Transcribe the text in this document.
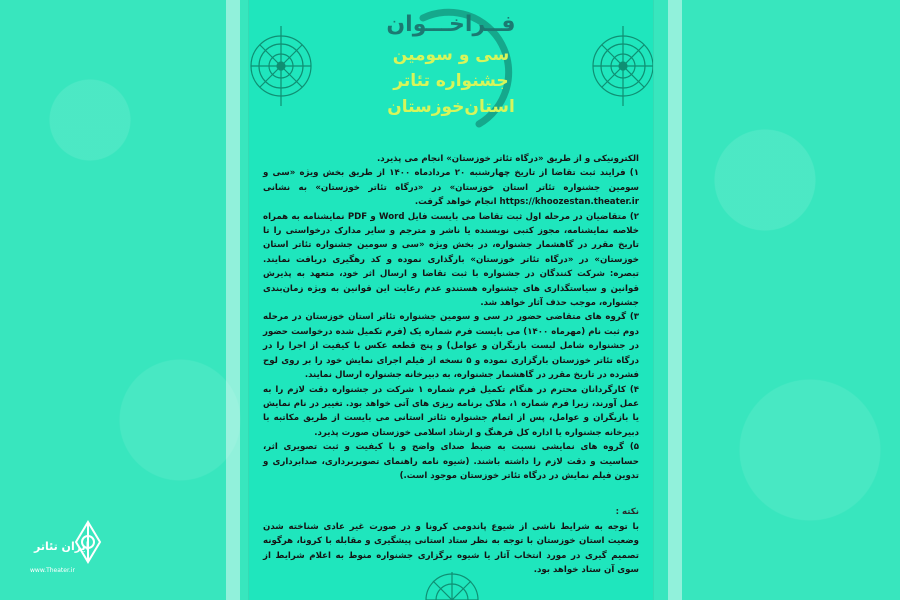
فــراخـــوان

سی و سومین

جشنواره تئاتر

استان‌خوزستان

الکترونیکی و از طریق «درگاه تئاتر خوزستان» انجام می پذیرد.

۱) فرایند ثبت تقاضا از تاریخ چهارشنبه ۲۰ مردادماه ۱۴۰۰ از طریق بخش ویژه «سی و سومین جشنواره تئاتر استان خوزستان» در «درگاه تئاتر خوزستان» به نشانی https://khoozestan.theater.ir انجام خواهد گرفت.

۲) متقاضیان در مرحله اول ثبت تقاضا می بایست فایل Word و PDF نمایشنامه به همراه خلاصه نمایشنامه، مجوز کتبی نویسنده یا ناشر و مترجم و سایر مدارک درخواستی را تا تاریخ مقرر در گاهشمار جشنواره، در بخش ویژه «سی و سومین جشنواره تئاتر استان خوزستان» در «درگاه تئاتر خوزستان» بارگذاری نموده و کد رهگیری دریافت نمایند. تبصره: شرکت کنندگان در جشنواره با ثبت تقاضا و ارسال اثر خود، متعهد به پذیرش قوانین و سیاستگذاری های جشنواره هستندو عدم رعایت این قوانین به ویژه زمان‌بندی جشنواره، موجب حذف آثار خواهد شد.

۳) گروه های متقاضی حضور در سی و سومین جشنواره تئاتر استان خوزستان در مرحله دوم ثبت نام (مهرماه ۱۴۰۰) می بایست فرم شماره یک (فرم تکمیل شده درخواست حضور در جشنواره شامل لیست بازیگران و عوامل) و پنج قطعه عکس با کیفیت از اجرا را در درگاه تئاتر خوزستان بارگزاری نموده و ۵ نسخه از فیلم اجرای نمایش خود را بر روی لوح فشرده در تاریخ مقرر در گاهشمار جشنواره، به دبیرخانه جشنواره ارسال نمایند.

۴) کارگردانان محترم در هنگام تکمیل فرم شماره ۱ شرکت در جشنواره دقت لازم را به عمل آورند، زیرا فرم شماره ۱، ملاک برنامه ریزی های آتی خواهد بود. تغییر در نام نمایش یا بازیگران و عوامل، پس از اتمام جشنواره تئاتر استانی می بایست از طریق مکاتبه با دبیرخانه جشنواره یا اداره کل فرهنگ و ارشاد اسلامی خوزستان صورت پذیرد.

۵) گروه های نمایشی نسبت به ضبط صدای واضح و با کیفیت و ثبت تصویری اثر، حساسیت و دقت لازم را داشته باشند. (شیوه نامه راهنمای تصویربرداری، صدابرداری و تدوین فیلم نمایش در درگاه تئاتر خوزستان موجود است.)

نکته :

با توجه به شرایط ناشی از شیوع پاندومی کرونا و در صورت غیر عادی شناخته شدن وضعیت استان خوزستان با توجه به نظر ستاد استانی پیشگیری و مقابله با کرونا، هرگونه تصمیم گیری در مورد انتخاب آثار یا شیوه برگزاری جشنواره منوط به اعلام شرایط از سوی آن ستاد خواهد بود.

ایران تئاتر
www.Theater.ir
